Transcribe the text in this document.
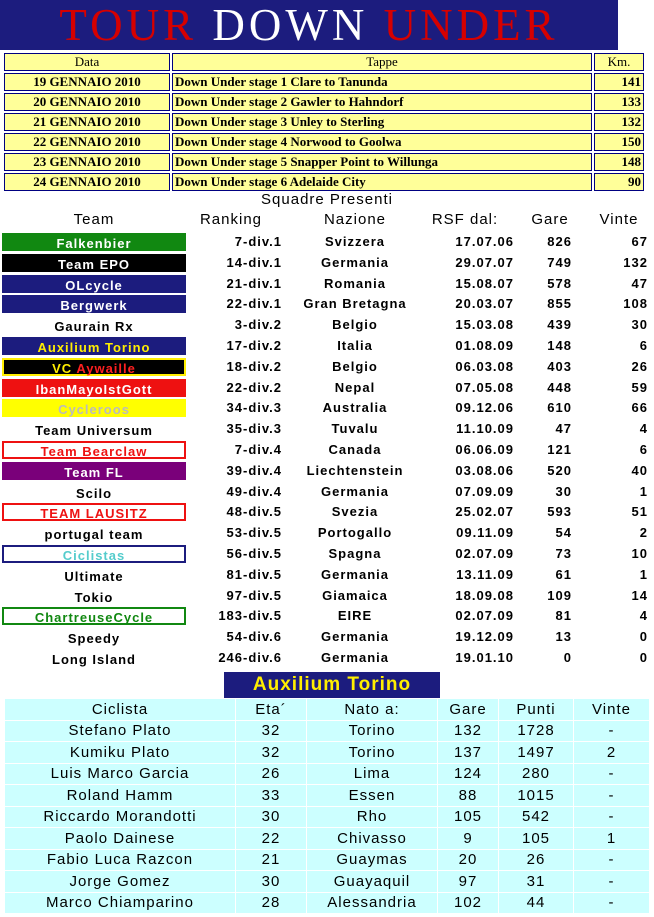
TOUR DOWN UNDER
Data	Tappe	Km.
19 GENNAIO 2010	Down Under stage 1 Clare to Tanunda	141
20 GENNAIO 2010	Down Under stage 2 Gawler to Hahndorf	133
21 GENNAIO 2010	Down Under stage 3 Unley to Sterling	132
22 GENNAIO 2010	Down Under stage 4 Norwood to Goolwa	150
23 GENNAIO 2010	Down Under stage 5 Snapper Point to Willunga	148
24 GENNAIO 2010	Down Under stage 6 Adelaide City	90
Squadre Presenti
Team	Ranking	Nazione	RSF dal:	Gare	Vinte
Falkenbier	7-div.1	Svizzera	17.07.06	826	67
Team EPO	14-div.1	Germania	29.07.07	749	132
OLcycle	21-div.1	Romania	15.08.07	578	47
Bergwerk	22-div.1	Gran Bretagna	20.03.07	855	108
Gaurain Rx	3-div.2	Belgio	15.03.08	439	30
Auxilium Torino	17-div.2	Italia	01.08.09	148	6
VC Aywaille	18-div.2	Belgio	06.03.08	403	26
IbanMayoIstGott	22-div.2	Nepal	07.05.08	448	59
Cycleroos	34-div.3	Australia	09.12.06	610	66
Team Universum	35-div.3	Tuvalu	11.10.09	47	4
Team Bearclaw	7-div.4	Canada	06.06.09	121	6
Team FL	39-div.4	Liechtenstein	03.08.06	520	40
Scilo	49-div.4	Germania	07.09.09	30	1
TEAM LAUSITZ	48-div.5	Svezia	25.02.07	593	51
portugal team	53-div.5	Portogallo	09.11.09	54	2
Ciclistas	56-div.5	Spagna	02.07.09	73	10
Ultimate	81-div.5	Germania	13.11.09	61	1
Tokio	97-div.5	Giamaica	18.09.08	109	14
ChartreuseCycle	183-div.5	EIRE	02.07.09	81	4
Speedy	54-div.6	Germania	19.12.09	13	0
Long Island	246-div.6	Germania	19.01.10	0	0
Auxilium Torino
Ciclista	Eta´	Nato a:	Gare	Punti	Vinte
Stefano Plato	32	Torino	132	1728	-
Kumiku Plato	32	Torino	137	1497	2
Luis Marco Garcia	26	Lima	124	280	-
Roland Hamm	33	Essen	88	1015	-
Riccardo Morandotti	30	Rho	105	542	-
Paolo Dainese	22	Chivasso	9	105	1
Fabio Luca Razcon	21	Guaymas	20	26	-
Jorge Gomez	30	Guayaquil	97	31	-
Marco Chiamparino	28	Alessandria	102	44	-
